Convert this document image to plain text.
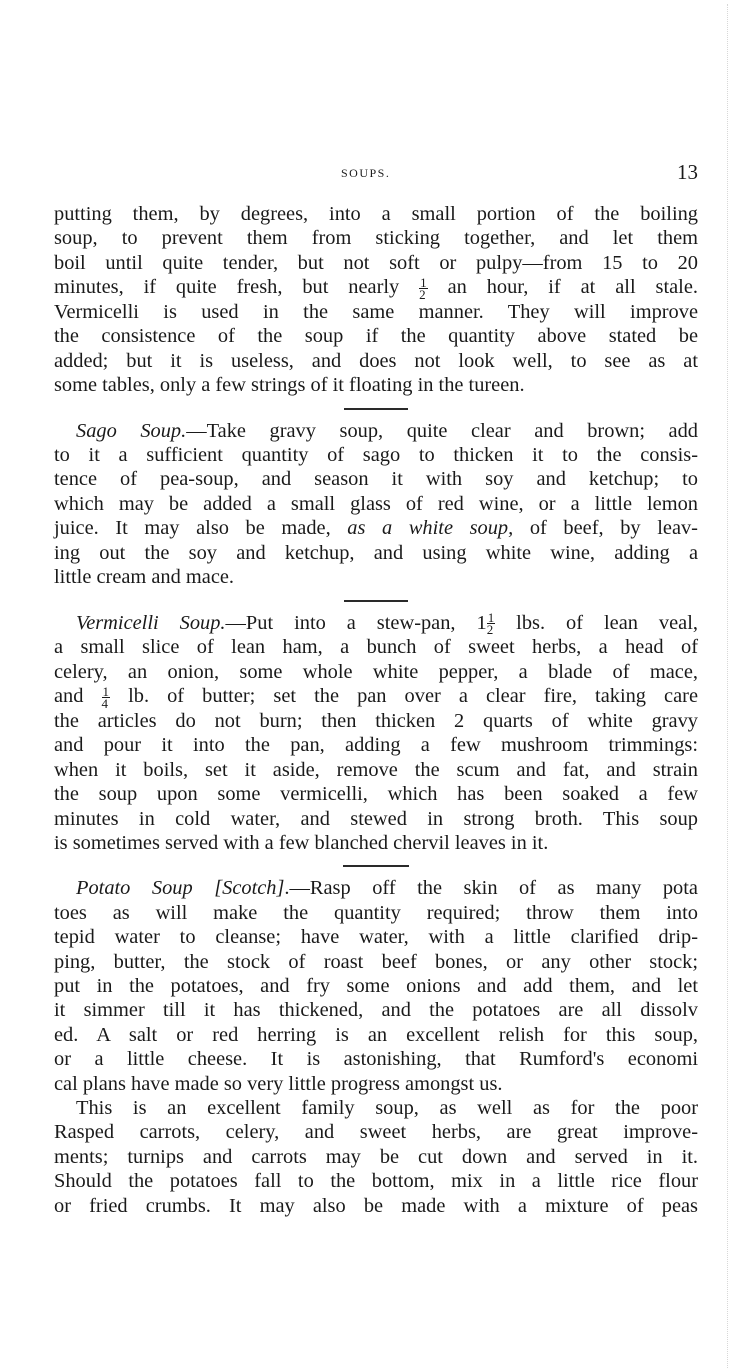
SOUPS.	13

putting them, by degrees, into a small portion of the boiling
soup, to prevent them from sticking together, and let them
boil until quite tender, but not soft or pulpy—from 15 to 20
minutes, if quite fresh, but nearly $\frac{1}{2}$ an hour, if at all stale.
Vermicelli is used in the same manner. They will improve
the consistence of the soup if the quantity above stated be
added; but it is useless, and does not look well, to see as at
some tables, only a few strings of it floating in the tureen.

Sago Soup.—Take gravy soup, quite clear and brown; add
to it a sufficient quantity of sago to thicken it to the consis-
tence of pea-soup, and season it with soy and ketchup; to
which may be added a small glass of red wine, or a little lemon
juice. It may also be made, as a white soup, of beef, by leav-
ing out the soy and ketchup, and using white wine, adding a
little cream and mace.

Vermicelli Soup.—Put into a stew-pan, $1 \frac{1}{2}$ lbs. of lean veal,
a small slice of lean ham, a bunch of sweet herbs, a head of
celery, an onion, some whole white pepper, a blade of mace,
and $\frac{1}{4}$ lb. of butter; set the pan over a clear fire, taking care
the articles do not burn; then thicken 2 quarts of white gravy
and pour it into the pan, adding a few mushroom trimmings:
when it boils, set it aside, remove the scum and fat, and strain
the soup upon some vermicelli, which has been soaked a few
minutes in cold water, and stewed in strong broth. This soup
is sometimes served with a few blanched chervil leaves in it.

Potato Soup [Scotch].—Rasp off the skin of as many pota
toes as will make the quantity required; throw them into
tepid water to cleanse; have water, with a little clarified drip-
ping, butter, the stock of roast beef bones, or any other stock;
put in the potatoes, and fry some onions and add them, and let
it simmer till it has thickened, and the potatoes are all dissolv
ed. A salt or red herring is an excellent relish for this soup,
or a little cheese. It is astonishing, that Rumford's economi
cal plans have made so very little progress amongst us.

This is an excellent family soup, as well as for the poor
Rasped carrots, celery, and sweet herbs, are great improve-
ments; turnips and carrots may be cut down and served in it.
Should the potatoes fall to the bottom, mix in a little rice flour
or fried crumbs. It may also be made with a mixture of peas
